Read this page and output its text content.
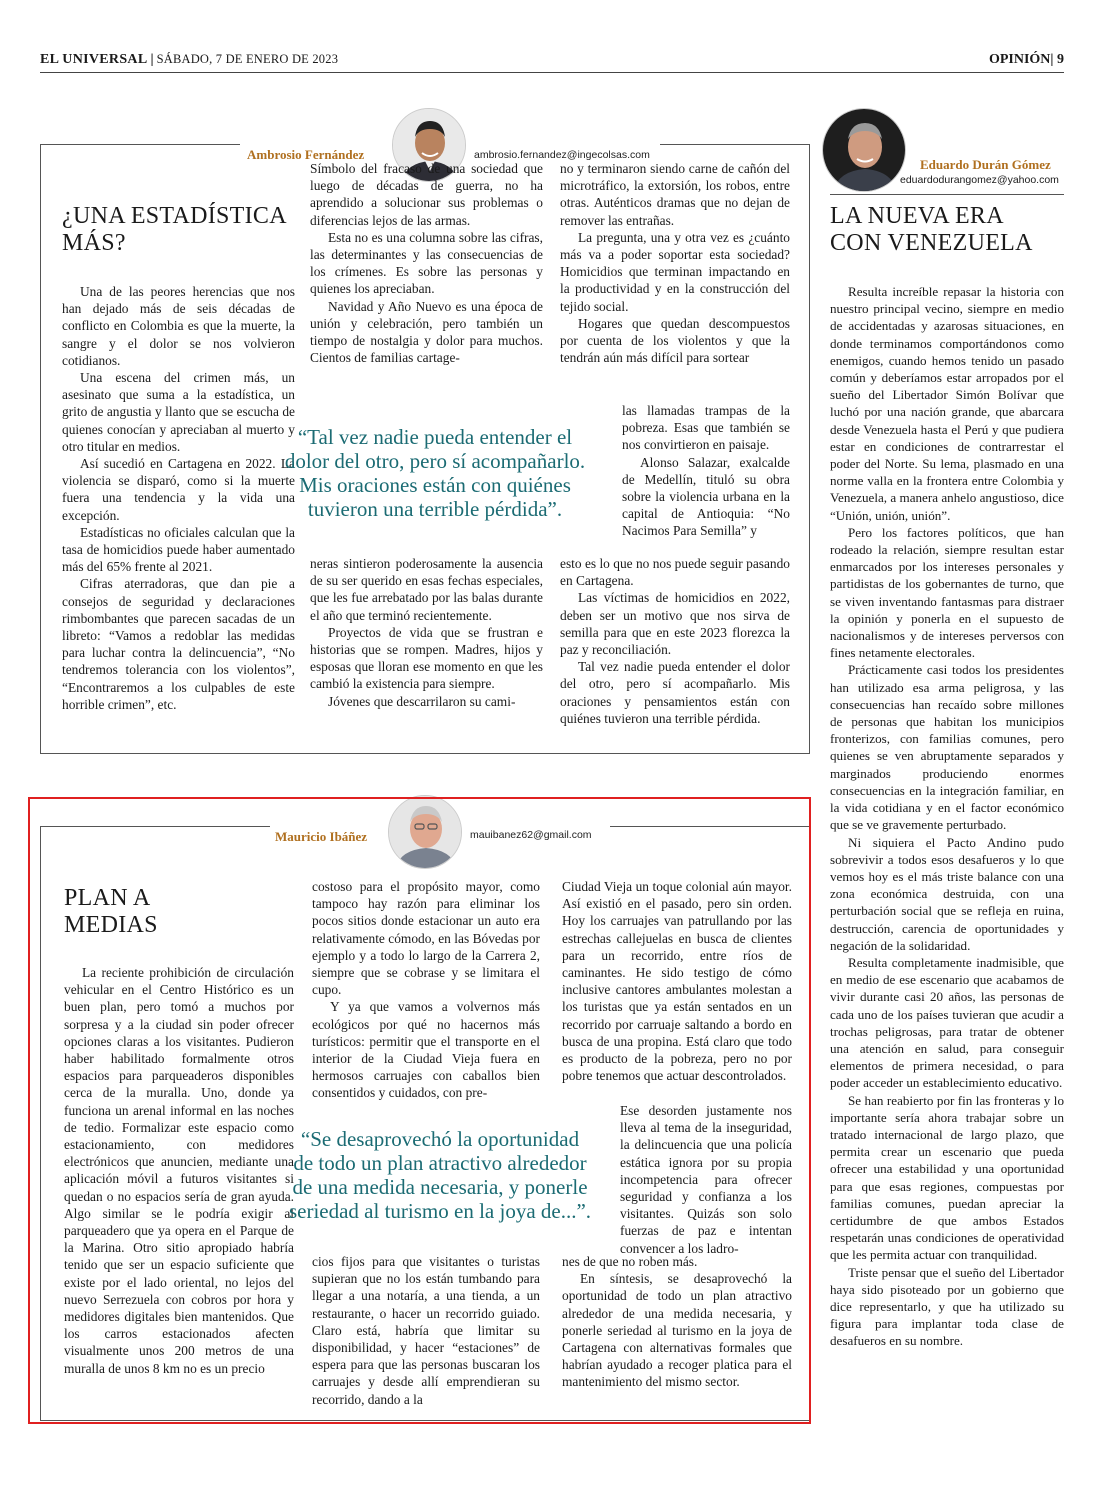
EL UNIVERSAL | SÁBADO, 7 DE ENERO DE 2023	OPINIÓN| 9
Ambrosio Fernández	ambrosio.fernandez@ingecolsas.com
¿UNA ESTADÍSTICA
MÁS?

Una de las peores herencias que nos han dejado más de seis décadas de conflicto en Colombia es que la muerte, la sangre y el dolor se nos volvieron cotidianos.

Una escena del crimen más, un asesinato que suma a la estadística, un grito de angustia y llanto que se escucha de quienes conocían y apreciaban al muerto y otro titular en medios.

Así sucedió en Cartagena en 2022. La violencia se disparó, como si la muerte fuera una tendencia y la vida una excepción.

Estadísticas no oficiales calculan que la tasa de homicidios puede haber aumentado más del 65% frente al 2021.

Cifras aterradoras, que dan pie a consejos de seguridad y declaraciones rimbombantes que parecen sacadas de un libreto: “Vamos a redoblar las medidas para luchar contra la delincuencia”, “No tendremos tolerancia con los violentos”, “Encontraremos a los culpables de este horrible crimen”, etc.

Símbolo del fracaso de una sociedad que luego de décadas de guerra, no ha aprendido a solucionar sus problemas o diferencias lejos de las armas.

Esta no es una columna sobre las cifras, las determinantes y las consecuencias de los crímenes. Es sobre las personas y quienes los apreciaban.

Navidad y Año Nuevo es una época de unión y celebración, pero también un tiempo de nostalgia y dolor para muchos. Cientos de familias cartage-

neras sintieron poderosamente la ausencia de su ser querido en esas fechas especiales, que les fue arrebatado por las balas durante el año que terminó recientemente.

Proyectos de vida que se frustran e historias que se rompen. Madres, hijos y esposas que lloran ese momento en que les cambió la existencia para siempre.

Jóvenes que descarrilaron su cami-

no y terminaron siendo carne de cañón del microtráfico, la extorsión, los robos, entre otras. Auténticos dramas que no dejan de remover las entrañas.

La pregunta, una y otra vez es ¿cuánto más va a poder soportar esta sociedad? Homicidios que terminan impactando en la productividad y en la construcción del tejido social.

Hogares que quedan descompuestos por cuenta de los violentos y que la tendrán aún más difícil para sortear

las llamadas trampas de la pobreza. Esas que también se nos convirtieron en paisaje.

Alonso Salazar, exalcalde de Medellín, tituló su obra sobre la violencia urbana en la capital de Antioquia: “No Nacimos Para Semilla” y

esto es lo que no nos puede seguir pasando en Cartagena.

Las víctimas de homicidios en 2022, deben ser un motivo que nos sirva de semilla para que en este 2023 florezca la paz y reconciliación.

Tal vez nadie pueda entender el dolor del otro, pero sí acompañarlo. Mis oraciones y pensamientos están con quiénes tuvieron una terrible pérdida.

“Tal vez nadie pueda entender el
dolor del otro, pero sí acompañarlo.
Mis oraciones están con quiénes
tuvieron una terrible pérdida”.
Mauricio Ibáñez	mauibanez62@gmail.com
PLAN A
MEDIAS

La reciente prohibición de circulación vehicular en el Centro Histórico es un buen plan, pero tomó a muchos por sorpresa y a la ciudad sin poder ofrecer opciones claras a los visitantes. Pudieron haber habilitado formalmente otros espacios para parqueaderos disponibles cerca de la muralla. Uno, donde ya funciona un arenal informal en las noches de tedio. Formalizar este espacio como estacionamiento, con medidores electrónicos que anuncien, mediante una aplicación móvil a futuros visitantes si quedan o no espacios sería de gran ayuda. Algo similar se le podría exigir al parqueadero que ya opera en el Parque de la Marina. Otro sitio apropiado habría tenido que ser un espacio suficiente que existe por el lado oriental, no lejos del nuevo Serrezuela con cobros por hora y medidores digitales bien mantenidos. Que los carros estacionados afecten visualmente unos 200 metros de una muralla de unos 8 km no es un precio

costoso para el propósito mayor, como tampoco hay razón para eliminar los pocos sitios donde estacionar un auto era relativamente cómodo, en las Bóvedas por ejemplo y a todo lo largo de la Carrera 2, siempre que se cobrase y se limitara el cupo.

Y ya que vamos a volvernos más ecológicos por qué no hacernos más turísticos: permitir que el transporte en el interior de la Ciudad Vieja fuera en hermosos carruajes con caballos bien consentidos y cuidados, con pre-

cios fijos para que visitantes o turistas supieran que no los están tumbando para llegar a una notaría, a una tienda, a un restaurante, o hacer un recorrido guiado. Claro está, habría que limitar su disponibilidad, y hacer “estaciones” de espera para que las personas buscaran los carruajes y desde allí emprendieran su recorrido, dando a la

Ciudad Vieja un toque colonial aún mayor. Así existió en el pasado, pero sin orden. Hoy los carruajes van patrullando por las estrechas callejuelas en busca de clientes para un recorrido, entre ríos de caminantes. He sido testigo de cómo inclusive cantores ambulantes molestan a los turistas que ya están sentados en un recorrido por carruaje saltando a bordo en busca de una propina. Está claro que todo es producto de la pobreza, pero no por pobre tenemos que actuar descontrolados.

Ese desorden justamente nos lleva al tema de la inseguridad, la delincuencia que una policía estática ignora por su propia incompetencia para ofrecer seguridad y confianza a los visitantes. Quizás son solo fuerzas de paz e intentan convencer a los ladro-

nes de que no roben más.

En síntesis, se desaprovechó la oportunidad de todo un plan atractivo alrededor de una medida necesaria, y ponerle seriedad al turismo en la joya de Cartagena con alternativas formales que habrían ayudado a recoger platica para el mantenimiento del mismo sector.

“Se desaprovechó la oportunidad
de todo un plan atractivo alrededor
de una medida necesaria, y ponerle
seriedad al turismo en la joya de...”.
Eduardo Durán Gómez
eduardodurangomez@yahoo.com
LA NUEVA ERA
CON VENEZUELA

Resulta increíble repasar la historia con nuestro principal vecino, siempre en medio de accidentadas y azarosas situaciones, en donde terminamos comportándonos como enemigos, cuando hemos tenido un pasado común y deberíamos estar arropados por el sueño del Libertador Simón Bolívar que luchó por una nación grande, que abarcara desde Venezuela hasta el Perú y que pudiera estar en condiciones de contrarrestar el poder del Norte. Su lema, plasmado en una norme valla en la frontera entre Colombia y Venezuela, a manera anhelo angustioso, dice “Unión, unión, unión”.

Pero los factores políticos, que han rodeado la relación, siempre resultan estar enmarcados por los intereses personales y partidistas de los gobernantes de turno, que se viven inventando fantasmas para distraer la opinión y ponerla en el supuesto de nacionalismos y de intereses perversos con fines netamente electorales.

Prácticamente casi todos los presidentes han utilizado esa arma peligrosa, y las consecuencias han recaído sobre millones de personas que habitan los municipios fronterizos, con familias comunes, pero quienes se ven abruptamente separados y marginados produciendo enormes consecuencias en la integración familiar, en la vida cotidiana y en el factor económico que se ve gravemente perturbado.

Ni siquiera el Pacto Andino pudo sobrevivir a todos esos desafueros y lo que vemos hoy es el más triste balance con una zona económica destruida, con una perturbación social que se refleja en ruina, destrucción, carencia de oportunidades y negación de la solidaridad.

Resulta completamente inadmisible, que en medio de ese escenario que acabamos de vivir durante casi 20 años, las personas de cada uno de los países tuvieran que acudir a trochas peligrosas, para tratar de obtener una atención en salud, para conseguir elementos de primera necesidad, o para poder acceder un establecimiento educativo.

Se han reabierto por fin las fronteras y lo importante sería ahora trabajar sobre un tratado internacional de largo plazo, que permita crear un escenario que pueda ofrecer una estabilidad y una oportunidad para que esas regiones, compuestas por familias comunes, puedan apreciar la certidumbre de que ambos Estados respetarán unas condiciones de operatividad que les permita actuar con tranquilidad.

Triste pensar que el sueño del Libertador haya sido pisoteado por un gobierno que dice representarlo, y que ha utilizado su figura para implantar toda clase de desafueros en su nombre.
